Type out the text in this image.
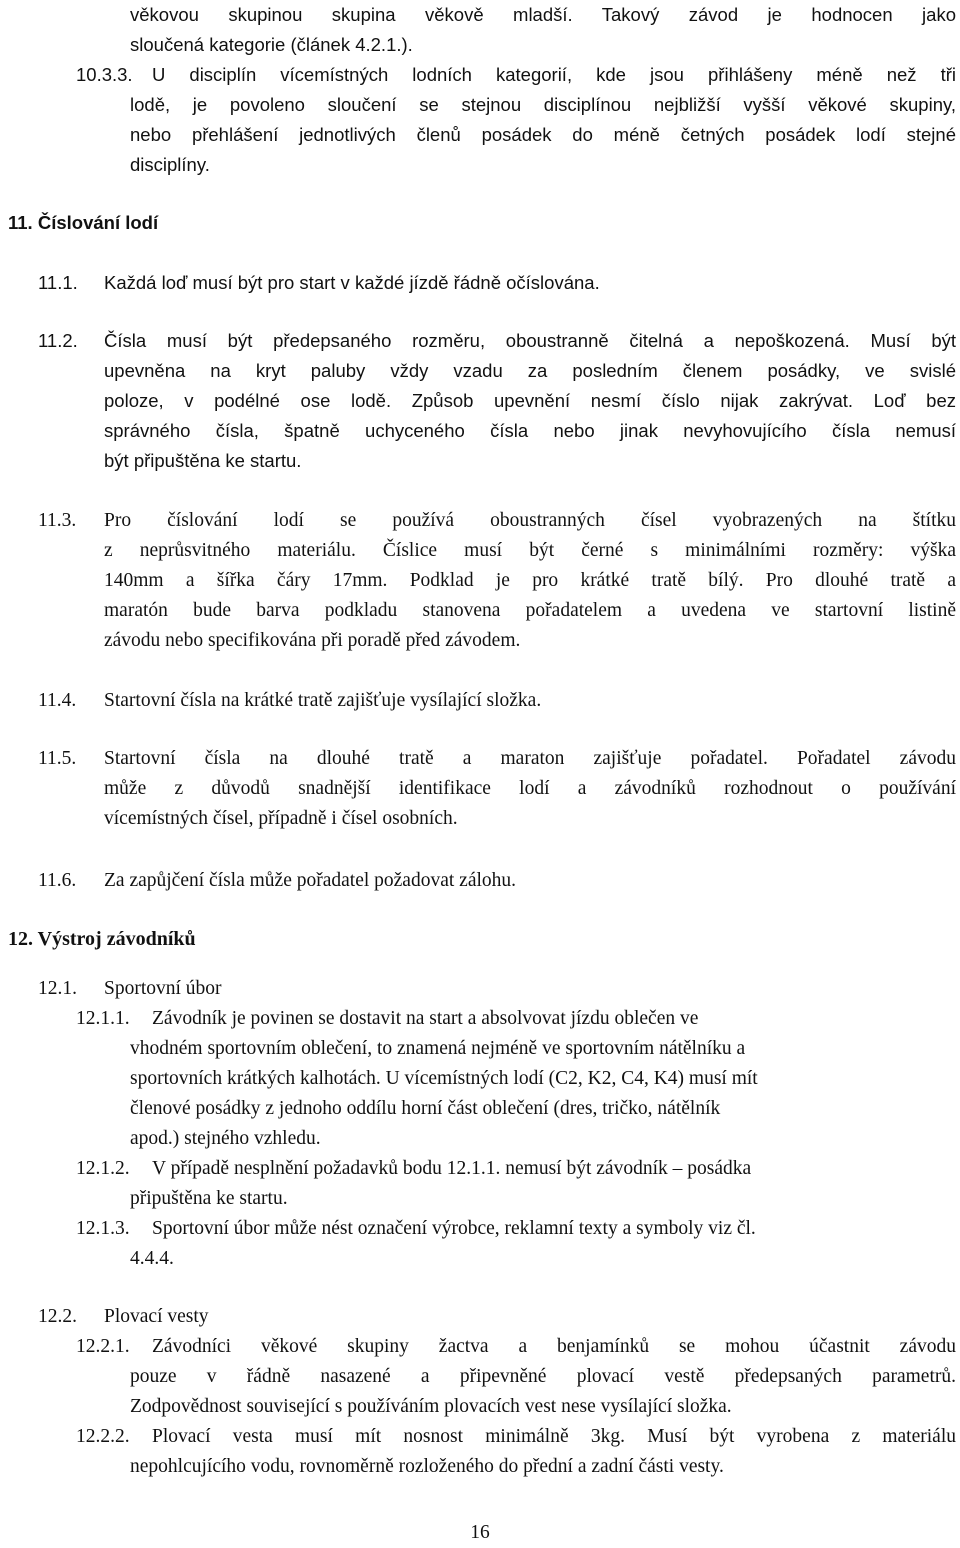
věkovou skupinou skupina věkově mladší. Takový závod je hodnocen jako
sloučená kategorie (článek 4.2.1.).
10.3.3. U disciplín vícemístných lodních kategorií, kde jsou přihlášeny méně než tři
lodě, je povoleno sloučení se stejnou disciplínou nejbližší vyšší věkové skupiny,
nebo přehlášení jednotlivých členů posádek do méně četných posádek lodí stejné
disciplíny.
11. Číslování lodí
11.1. Každá loď musí být pro start v každé jízdě řádně očíslována.
11.2. Čísla musí být předepsaného rozměru, oboustranně čitelná a nepoškozená. Musí být
upevněna na kryt paluby vždy vzadu za posledním členem posádky, ve svislé
poloze, v podélné ose lodě. Způsob upevnění nesmí číslo nijak zakrývat. Loď bez
správného čísla, špatně uchyceného čísla nebo jinak nevyhovujícího čísla nemusí
být připuštěna ke startu.
11.3. Pro číslování lodí se používá oboustranných čísel vyobrazených na štítku
z neprůsvitného materiálu. Číslice musí být černé s minimálními rozměry: výška
140mm a šířka čáry 17mm. Podklad je pro krátké tratě bílý. Pro dlouhé tratě a
maratón bude barva podkladu stanovena pořadatelem a uvedena ve startovní listině
závodu nebo specifikována při poradě před závodem.
11.4. Startovní čísla na krátké tratě zajišťuje vysílající složka.
11.5. Startovní čísla na dlouhé tratě a maraton zajišťuje pořadatel. Pořadatel závodu
může z důvodů snadnější identifikace lodí a závodníků rozhodnout o používání
vícemístných čísel, případně i čísel osobních.
11.6. Za zapůjčení čísla může pořadatel požadovat zálohu.
12. Výstroj závodníků
12.1. Sportovní úbor
12.1.1. Závodník je povinen se dostavit na start a absolvovat jízdu oblečen ve
vhodném sportovním oblečení, to znamená nejméně ve sportovním nátělníku a
sportovních krátkých kalhotách. U vícemístných lodí (C2, K2, C4, K4) musí mít
členové posádky z jednoho oddílu horní část oblečení (dres, tričko, nátělník
apod.) stejného vzhledu.
12.1.2. V případě nesplnění požadavků bodu 12.1.1. nemusí být závodník – posádka
připuštěna ke startu.
12.1.3. Sportovní úbor může nést označení výrobce, reklamní texty a symboly viz čl.
4.4.4.
12.2. Plovací vesty
12.2.1. Závodníci věkové skupiny žactva a benjamínků se mohou účastnit závodu
pouze v řádně nasazené a připevněné plovací vestě předepsaných parametrů.
Zodpovědnost související s používáním plovacích vest nese vysílající složka.
12.2.2. Plovací vesta musí mít nosnost minimálně 3kg. Musí být vyrobena z materiálu
nepohlcujícího vodu, rovnoměrně rozloženého do přední a zadní části vesty.
16
